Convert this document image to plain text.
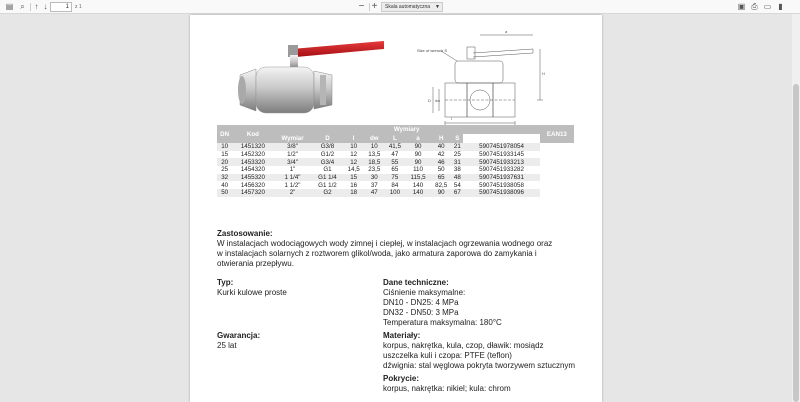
▤ ⌕	↑ ↓	1	z 1	− +	Skala automatyczna ▼	▣ ⎙ ▭ ▮
Size of wrench S
a
H
D dw
l
DN	Kod	Wymiary									EAN13
		Wymiar	D	l	dw	L	a	H	S		
10	1451320	3/8"	G3/8	10	10	41,5	90	40	21	5907451978054	
15	1452320	1/2"	G1/2	12	13,5	47	90	42	25	5907451933145	
20	1453320	3/4"	G3/4	12	18,5	55	90	46	31	5907451933213	
25	1454320	1"	G1	14,5	23,5	65	110	50	38	5907451933282	
32	1455320	1 1/4"	G1 1/4	15	30	75	115,5	65	48	5907451937631	
40	1456320	1 1/2"	G1 1/2	16	37	84	140	82,5	54	5907451938058	
50	1457320	2"	G2	18	47	100	140	90	67	5907451938096	
Zastosowanie:
W instalacjach wodociągowych wody zimnej i ciepłej, w instalacjach ogrzewania wodnego oraz
w instalacjach solarnych z roztworem glikol/woda, jako armatura zaporowa do zamykania i
otwierania przepływu.
Typ:
Kurki kulowe proste
Gwarancja:
25 lat
Dane techniczne:
Ciśnienie maksymalne:
DN10 - DN25: 4 MPa
DN32 - DN50: 3 MPa
Temperatura maksymalna: 180°C
Materiały:
korpus, nakrętka, kula, czop, dławik: mosiądz
uszczelka kuli i czopa: PTFE (teflon)
dźwignia: stal węglowa pokryta tworzywem sztucznym
Pokrycie:
korpus, nakrętka: nikiel; kula: chrom
